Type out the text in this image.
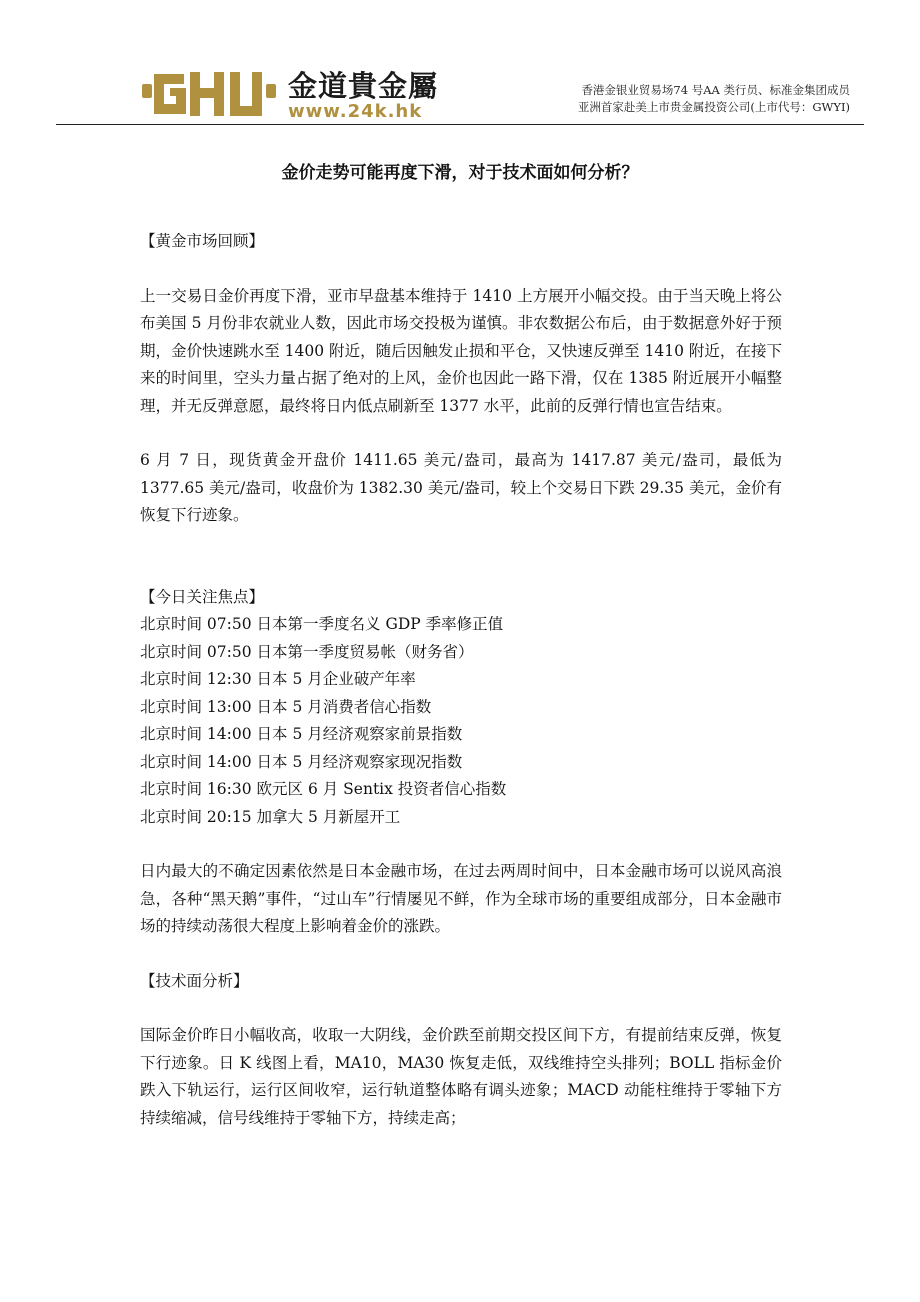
金道貴金屬
www.24k.hk
香港金银业贸易场74 号AA 类行员、标准金集团成员
亚洲首家赴美上市贵金属投资公司(上市代号：GWYI)
金价走势可能再度下滑，对于技术面如何分析？
【黄金市场回顾】

上一交易日金价再度下滑，亚市早盘基本维持于 1410 上方展开小幅交投。由于当天晚上将公布美国 5 月份非农就业人数，因此市场交投极为谨慎。非农数据公布后，由于数据意外好于预期，金价快速跳水至 1400 附近，随后因触发止损和平仓，又快速反弹至 1410 附近，在接下来的时间里，空头力量占据了绝对的上风，金价也因此一路下滑，仅在 1385 附近展开小幅整理，并无反弹意愿，最终将日内低点刷新至 1377 水平，此前的反弹行情也宣告结束。

6 月 7 日，现货黄金开盘价 1411.65 美元/盎司，最高为 1417.87 美元/盎司，最低为 1377.65 美元/盎司，收盘价为 1382.30 美元/盎司，较上个交易日下跌 29.35 美元，金价有恢复下行迹象。

【今日关注焦点】
北京时间 07:50 日本第一季度名义 GDP 季率修正值
北京时间 07:50 日本第一季度贸易帐（财务省）
北京时间 12:30 日本 5 月企业破产年率
北京时间 13:00 日本 5 月消费者信心指数
北京时间 14:00 日本 5 月经济观察家前景指数
北京时间 14:00 日本 5 月经济观察家现况指数
北京时间 16:30 欧元区 6 月 Sentix 投资者信心指数
北京时间 20:15 加拿大 5 月新屋开工

日内最大的不确定因素依然是日本金融市场，在过去两周时间中，日本金融市场可以说风高浪急，各种“黑天鹅”事件，“过山车”行情屡见不鲜，作为全球市场的重要组成部分，日本金融市场的持续动荡很大程度上影响着金价的涨跌。

【技术面分析】

国际金价昨日小幅收高，收取一大阴线，金价跌至前期交投区间下方，有提前结束反弹，恢复下行迹象。日 K 线图上看，MA10，MA30 恢复走低，双线维持空头排列；BOLL 指标金价跌入下轨运行，运行区间收窄，运行轨道整体略有调头迹象；MACD 动能柱维持于零轴下方持续缩减，信号线维持于零轴下方，持续走高；
